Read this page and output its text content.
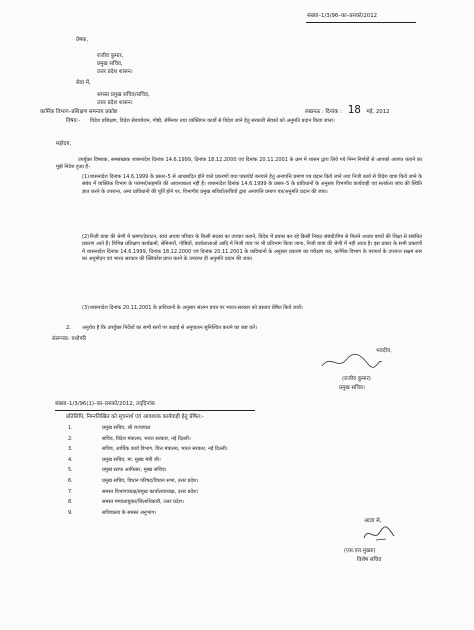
संख्या–1/3/96–का–प्रसको/2012
प्रेषक,
राजीव कुमार,
प्रमुख सचिव,
उत्तर प्रदेश शासन।
सेवा में,
समस्त प्रमुख सचिव/सचिव,
उत्तर प्रदेश शासन।
कार्मिक विभाग–प्रशिक्षण समन्वय प्रकोष्ठ	लखनऊ : दिनांक : 18 मई, 2012
विषय:- विदेश प्रशिक्षण, विदेश सेवायोजन, गोष्ठी, सेमिनार तथा व्यक्तिगत कार्यों से विदेश जाने हेतु सरकारी सेवकों को अनुमति प्रदान किया जाना।
महोदय,
उपर्युक्त विषयक, समसंख्यक शासनादेश दिनांक 14.6.1999, दिनांक 18.12.2000 एवं दिनांक 20.11.2001 के क्रम में शासन द्वारा लिये गये निम्न निर्णयों से आपको अवगत कराने का मुझे निदेश हुआ है–
(1) शासनादेश दिनांक 14.6.1999 के प्रस्तर–5 से आच्छादित होने वाले प्रकरणों यथा पासपोर्ट बनवाने हेतु अनापत्ति प्रमाण पत्र प्रदान किये जाने तथा निजी कार्य से विदेश यात्रा किये जाने के संबंध में व्यक्तिक विभाग के परामर्श/सहमति की आवश्यकता नहीं है। शासनादेश दिनांक 14.6.1999 के प्रस्तर–5 के प्राविधानों के अनुसार विभागीय कार्यवाही एवं सतर्कता जांच की स्थिति ज्ञात करने के उपरान्त, अन्य प्राविधानों की पूर्ति होने पर, विभागीय प्रमुख सचिवों/सचिवों द्वारा अनापत्ति प्रमाण पत्र/अनुमति प्रदान की जाय।
(2) निजी यात्रा की श्रेणी में भ्रमण/देशाटन, स्वयं अथवा परिवार के किसी सदस्य का उपचार कराने, विदेश में प्रवास कर रहे किसी निकट संबंधी/मित्र से मिलने अथवा बच्चों की शिक्षा से संबंधित प्रकरण आते हैं। विभिन्न प्रशिक्षण कार्यक्रमों, सेमिनारों, गोष्ठियों, कार्यशालाओं आदि में निजी व्यय पर भी प्रतिभाग किया जाना, निजी यात्रा की श्रेणी में नहीं आता है। इस प्रकार के सभी प्रकरणों में शासनादेश दिनांक 14.6.1999, दिनांक 18.12.2000 एवं दिनांक 20.11.2001 के प्राविधानों के अनुसार प्रकरण का परीक्षण कर, कार्मिक विभाग के परामर्श के उपरान्त सक्षम स्तर का अनुमोदन एवं भारत सरकार की क्लियरेंस प्राप्त करने के उपरान्त ही अनुमति प्रदान की जाय।
(3) शासनादेश दिनांक 20.11.2001 के प्राविधानों के अनुसार संलग्न प्रपत्र पर भारत-सरकार को प्रस्ताव प्रेषित किये जायें।
2. अनुरोध है कि उपर्युक्त निर्देशों का सभी स्तरों पर कड़ाई से अनुपालन सुनिश्चित कराने का कष्ट करें।
संलग्नक: यथोपरि
भवदीय,
(राजीव कुमार)
प्रमुख सचिव।
संख्या–1/3/96(1)–का–प्रसको/2012, तद्‌दिनांक
प्रतिलिपि, निम्नलिखित को सूचनार्थ एवं आवश्यक कार्यवाही हेतु प्रेषित:-
1.	प्रमुख सचिव, श्री राज्यपाल
2.	सचिव, विदेश मंत्रालय, भारत सरकार, नई दिल्ली।
3.	सचिव, आर्थिक कार्य विभाग, वित्त मंत्रालय, भारत सरकार, नई दिल्ली।
4.	प्रमुख सचिव, मा. मुख्य मंत्री जी।
5.	प्रमुख स्टाफ आफिसर, मुख्य सचिव।
6.	प्रमुख सचिव, विधान परिषद/विधान सभा, उत्तर प्रदेश।
7.	समस्त विभागाध्यक्ष/प्रमुख कार्यालयाध्यक्ष, उत्तर प्रदेश।
8.	समस्त मण्डलायुक्त/जिलाधिकारी, उत्तर प्रदेश।
9.	सचिवालय के समस्त अनुभाग।
आज्ञा से,
(एस.एल.मुख्ता)
विशेष सचिव
